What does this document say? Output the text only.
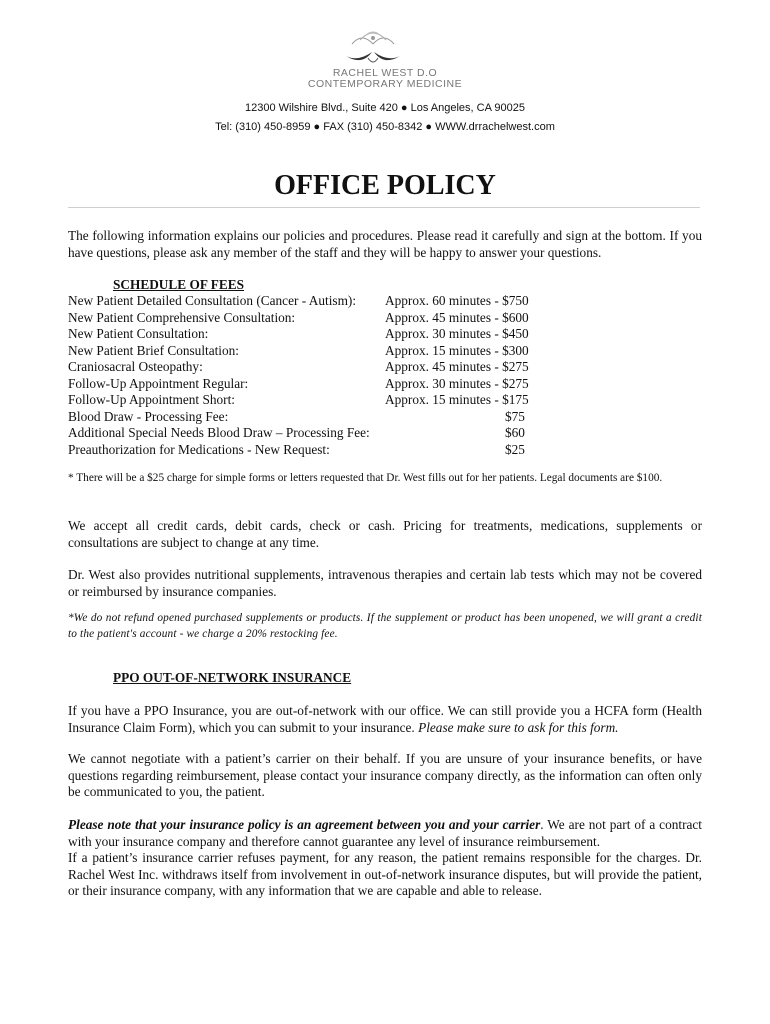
RACHEL WEST D.O
CONTEMPORARY MEDICINE
12300 Wilshire Blvd., Suite 420 ● Los Angeles, CA 90025
Tel: (310) 450-8959 ● FAX (310) 450-8342 ● WWW.drrachelwest.com
OFFICE POLICY
The following information explains our policies and procedures. Please read it carefully and sign at the bottom. If you have questions, please ask any member of the staff and they will be happy to answer your questions.
SCHEDULE OF FEES
New Patient Detailed Consultation (Cancer - Autism): Approx. 60 minutes - $750
New Patient Comprehensive Consultation:	Approx. 45 minutes - $600
New Patient Consultation:	Approx. 30 minutes - $450
New Patient Brief Consultation:	Approx. 15 minutes - $300
Craniosacral Osteopathy:	Approx. 45 minutes - $275
Follow-Up Appointment Regular:	Approx. 30 minutes - $275
Follow-Up Appointment Short:	Approx. 15 minutes - $175
Blood Draw - Processing Fee:	$75
Additional Special Needs Blood Draw – Processing Fee:	$60
Preauthorization for Medications - New Request:	$25
* There will be a $25 charge for simple forms or letters requested that Dr. West fills out for her patients. Legal documents are $100.
We accept all credit cards, debit cards, check or cash. Pricing for treatments, medications, supplements or consultations are subject to change at any time.
Dr. West also provides nutritional supplements, intravenous therapies and certain lab tests which may not be covered or reimbursed by insurance companies.
*We do not refund opened purchased supplements or products. If the supplement or product has been unopened, we will grant a credit to the patient's account - we charge a 20% restocking fee.
PPO OUT-OF-NETWORK INSURANCE
If you have a PPO Insurance, you are out-of-network with our office. We can still provide you a HCFA form (Health Insurance Claim Form), which you can submit to your insurance. Please make sure to ask for this form.
We cannot negotiate with a patient’s carrier on their behalf. If you are unsure of your insurance benefits, or have questions regarding reimbursement, please contact your insurance company directly, as the information can often only be communicated to you, the patient.
Please note that your insurance policy is an agreement between you and your carrier. We are not part of a contract with your insurance company and therefore cannot guarantee any level of insurance reimbursement.
If a patient’s insurance carrier refuses payment, for any reason, the patient remains responsible for the charges. Dr. Rachel West Inc. withdraws itself from involvement in out-of-network insurance disputes, but will provide the patient, or their insurance company, with any information that we are capable and able to release.
